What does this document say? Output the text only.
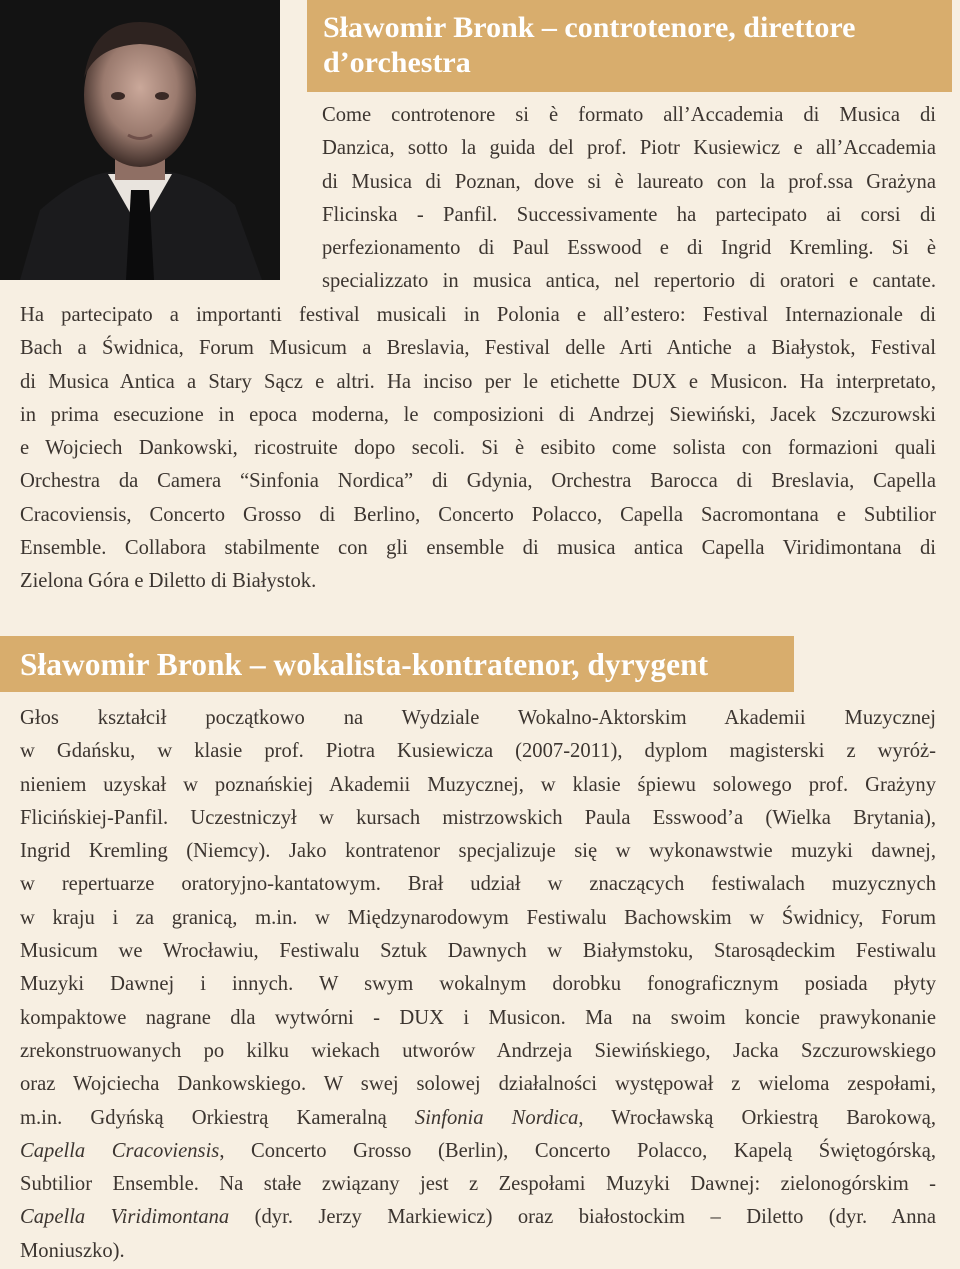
Sławomir Bronk – controtenore, direttore d’orchestra
Come controtenore si è formato all’Accademia di Musica di
Danzica, sotto la guida del prof. Piotr Kusiewicz e all’Accademia
di Musica di Poznan, dove si è laureato con la prof.ssa Grażyna
Flicinska - Panfil. Successivamente ha partecipato ai corsi di
perfezionamento di Paul Esswood e di Ingrid Kremling. Si è
specializzato in musica antica, nel repertorio di oratori e cantate.
Ha partecipato a importanti festival musicali in Polonia e all’estero: Festival Internazionale di
Bach a Świdnica, Forum Musicum a Breslavia, Festival delle Arti Antiche a Białystok, Festival
di Musica Antica a Stary Sącz e altri. Ha inciso per le etichette DUX e Musicon. Ha interpretato,
in prima esecuzione in epoca moderna, le composizioni di Andrzej Siewiński, Jacek Szczurowski
e Wojciech Dankowski, ricostruite dopo secoli. Si è esibito come solista con formazioni quali
Orchestra da Camera “Sinfonia Nordica” di Gdynia, Orchestra Barocca di Breslavia, Capella
Cracoviensis, Concerto Grosso di Berlino, Concerto Polacco, Capella Sacromontana e Subtilior
Ensemble. Collabora stabilmente con gli ensemble di musica antica Capella Viridimontana di
Zielona Góra e Diletto di Białystok.
Sławomir Bronk – wokalista-kontratenor, dyrygent
Głos kształcił początkowo na Wydziale Wokalno-Aktorskim Akademii Muzycznej
w Gdańsku, w klasie prof. Piotra Kusiewicza (2007-2011), dyplom magisterski z wyróż-
nieniem uzyskał w poznańskiej Akademii Muzycznej, w klasie śpiewu solowego prof. Grażyny
Flicińskiej-Panfil. Uczestniczył w kursach mistrzowskich Paula Esswood’a (Wielka Brytania),
Ingrid Kremling (Niemcy). Jako kontratenor specjalizuje się w wykonawstwie muzyki dawnej,
w repertuarze oratoryjno-kantatowym. Brał udział w znaczących festiwalach muzycznych
w kraju i za granicą, m.in. w Międzynarodowym Festiwalu Bachowskim w Świdnicy, Forum
Musicum we Wrocławiu, Festiwalu Sztuk Dawnych w Białymstoku, Starosądeckim Festiwalu
Muzyki Dawnej i innych. W swym wokalnym dorobku fonograficznym posiada płyty
kompaktowe nagrane dla wytwórni - DUX i Musicon. Ma na swoim koncie prawykonanie
zrekonstruowanych po kilku wiekach utworów Andrzeja Siewińskiego, Jacka Szczurowskiego
oraz Wojciecha Dankowskiego. W swej solowej działalności występował z wieloma zespołami,
m.in. Gdyńską Orkiestrą Kameralną Sinfonia Nordica, Wrocławską Orkiestrą Barokową,
Capella Cracoviensis, Concerto Grosso (Berlin), Concerto Polacco, Kapelą Świętogórską,
Subtilior Ensemble. Na stałe związany jest z Zespołami Muzyki Dawnej: zielonogórskim -
Capella Viridimontana (dyr. Jerzy Markiewicz) oraz białostockim – Diletto (dyr. Anna
Moniuszko).
